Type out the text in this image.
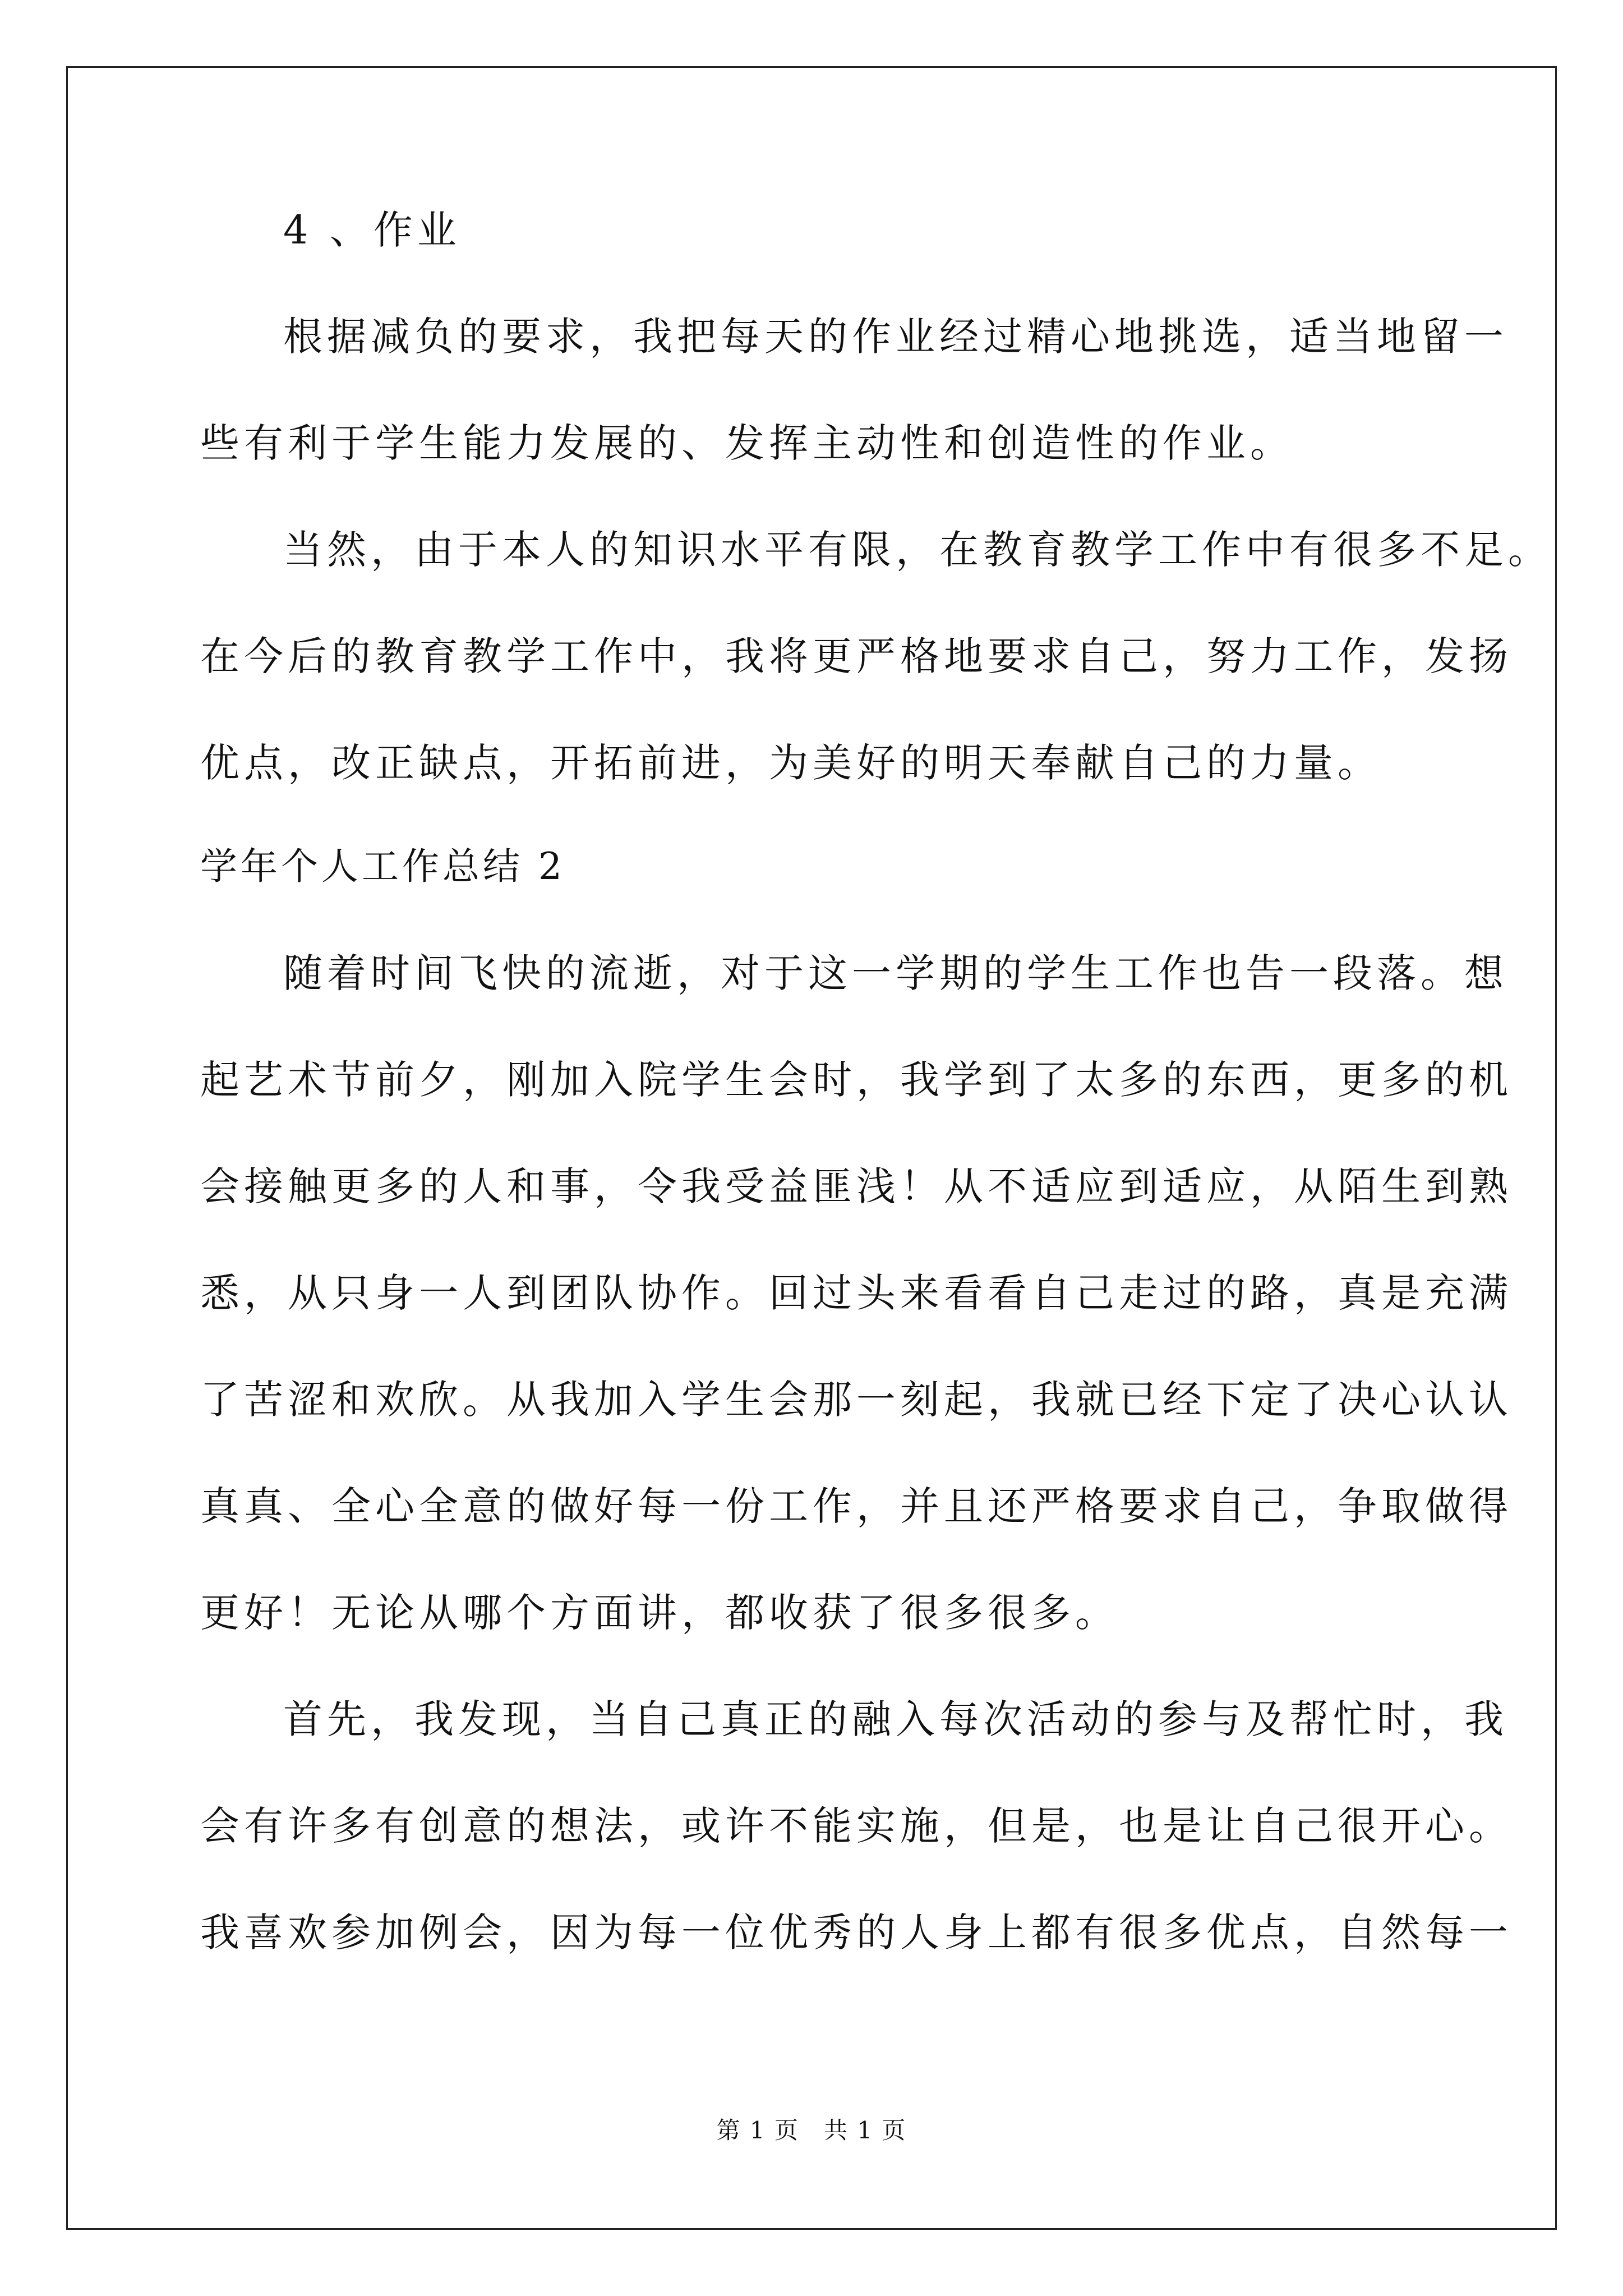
4 、作业
根据减负的要求，我把每天的作业经过精心地挑选，适当地留一
些有利于学生能力发展的、发挥主动性和创造性的作业。
当然，由于本人的知识水平有限，在教育教学工作中有很多不足。
在今后的教育教学工作中，我将更严格地要求自己，努力工作，发扬
优点，改正缺点，开拓前进，为美好的明天奉献自己的力量。
学年个人工作总结 2
随着时间飞快的流逝，对于这一学期的学生工作也告一段落。想
起艺术节前夕，刚加入院学生会时，我学到了太多的东西，更多的机
会接触更多的人和事，令我受益匪浅！从不适应到适应，从陌生到熟
悉，从只身一人到团队协作。回过头来看看自己走过的路，真是充满
了苦涩和欢欣。从我加入学生会那一刻起，我就已经下定了决心认认
真真、全心全意的做好每一份工作，并且还严格要求自己，争取做得
更好！无论从哪个方面讲，都收获了很多很多。
首先，我发现，当自己真正的融入每次活动的参与及帮忙时，我
会有许多有创意的想法，或许不能实施，但是，也是让自己很开心。
我喜欢参加例会，因为每一位优秀的人身上都有很多优点，自然每一
第 1 页　共 1 页
